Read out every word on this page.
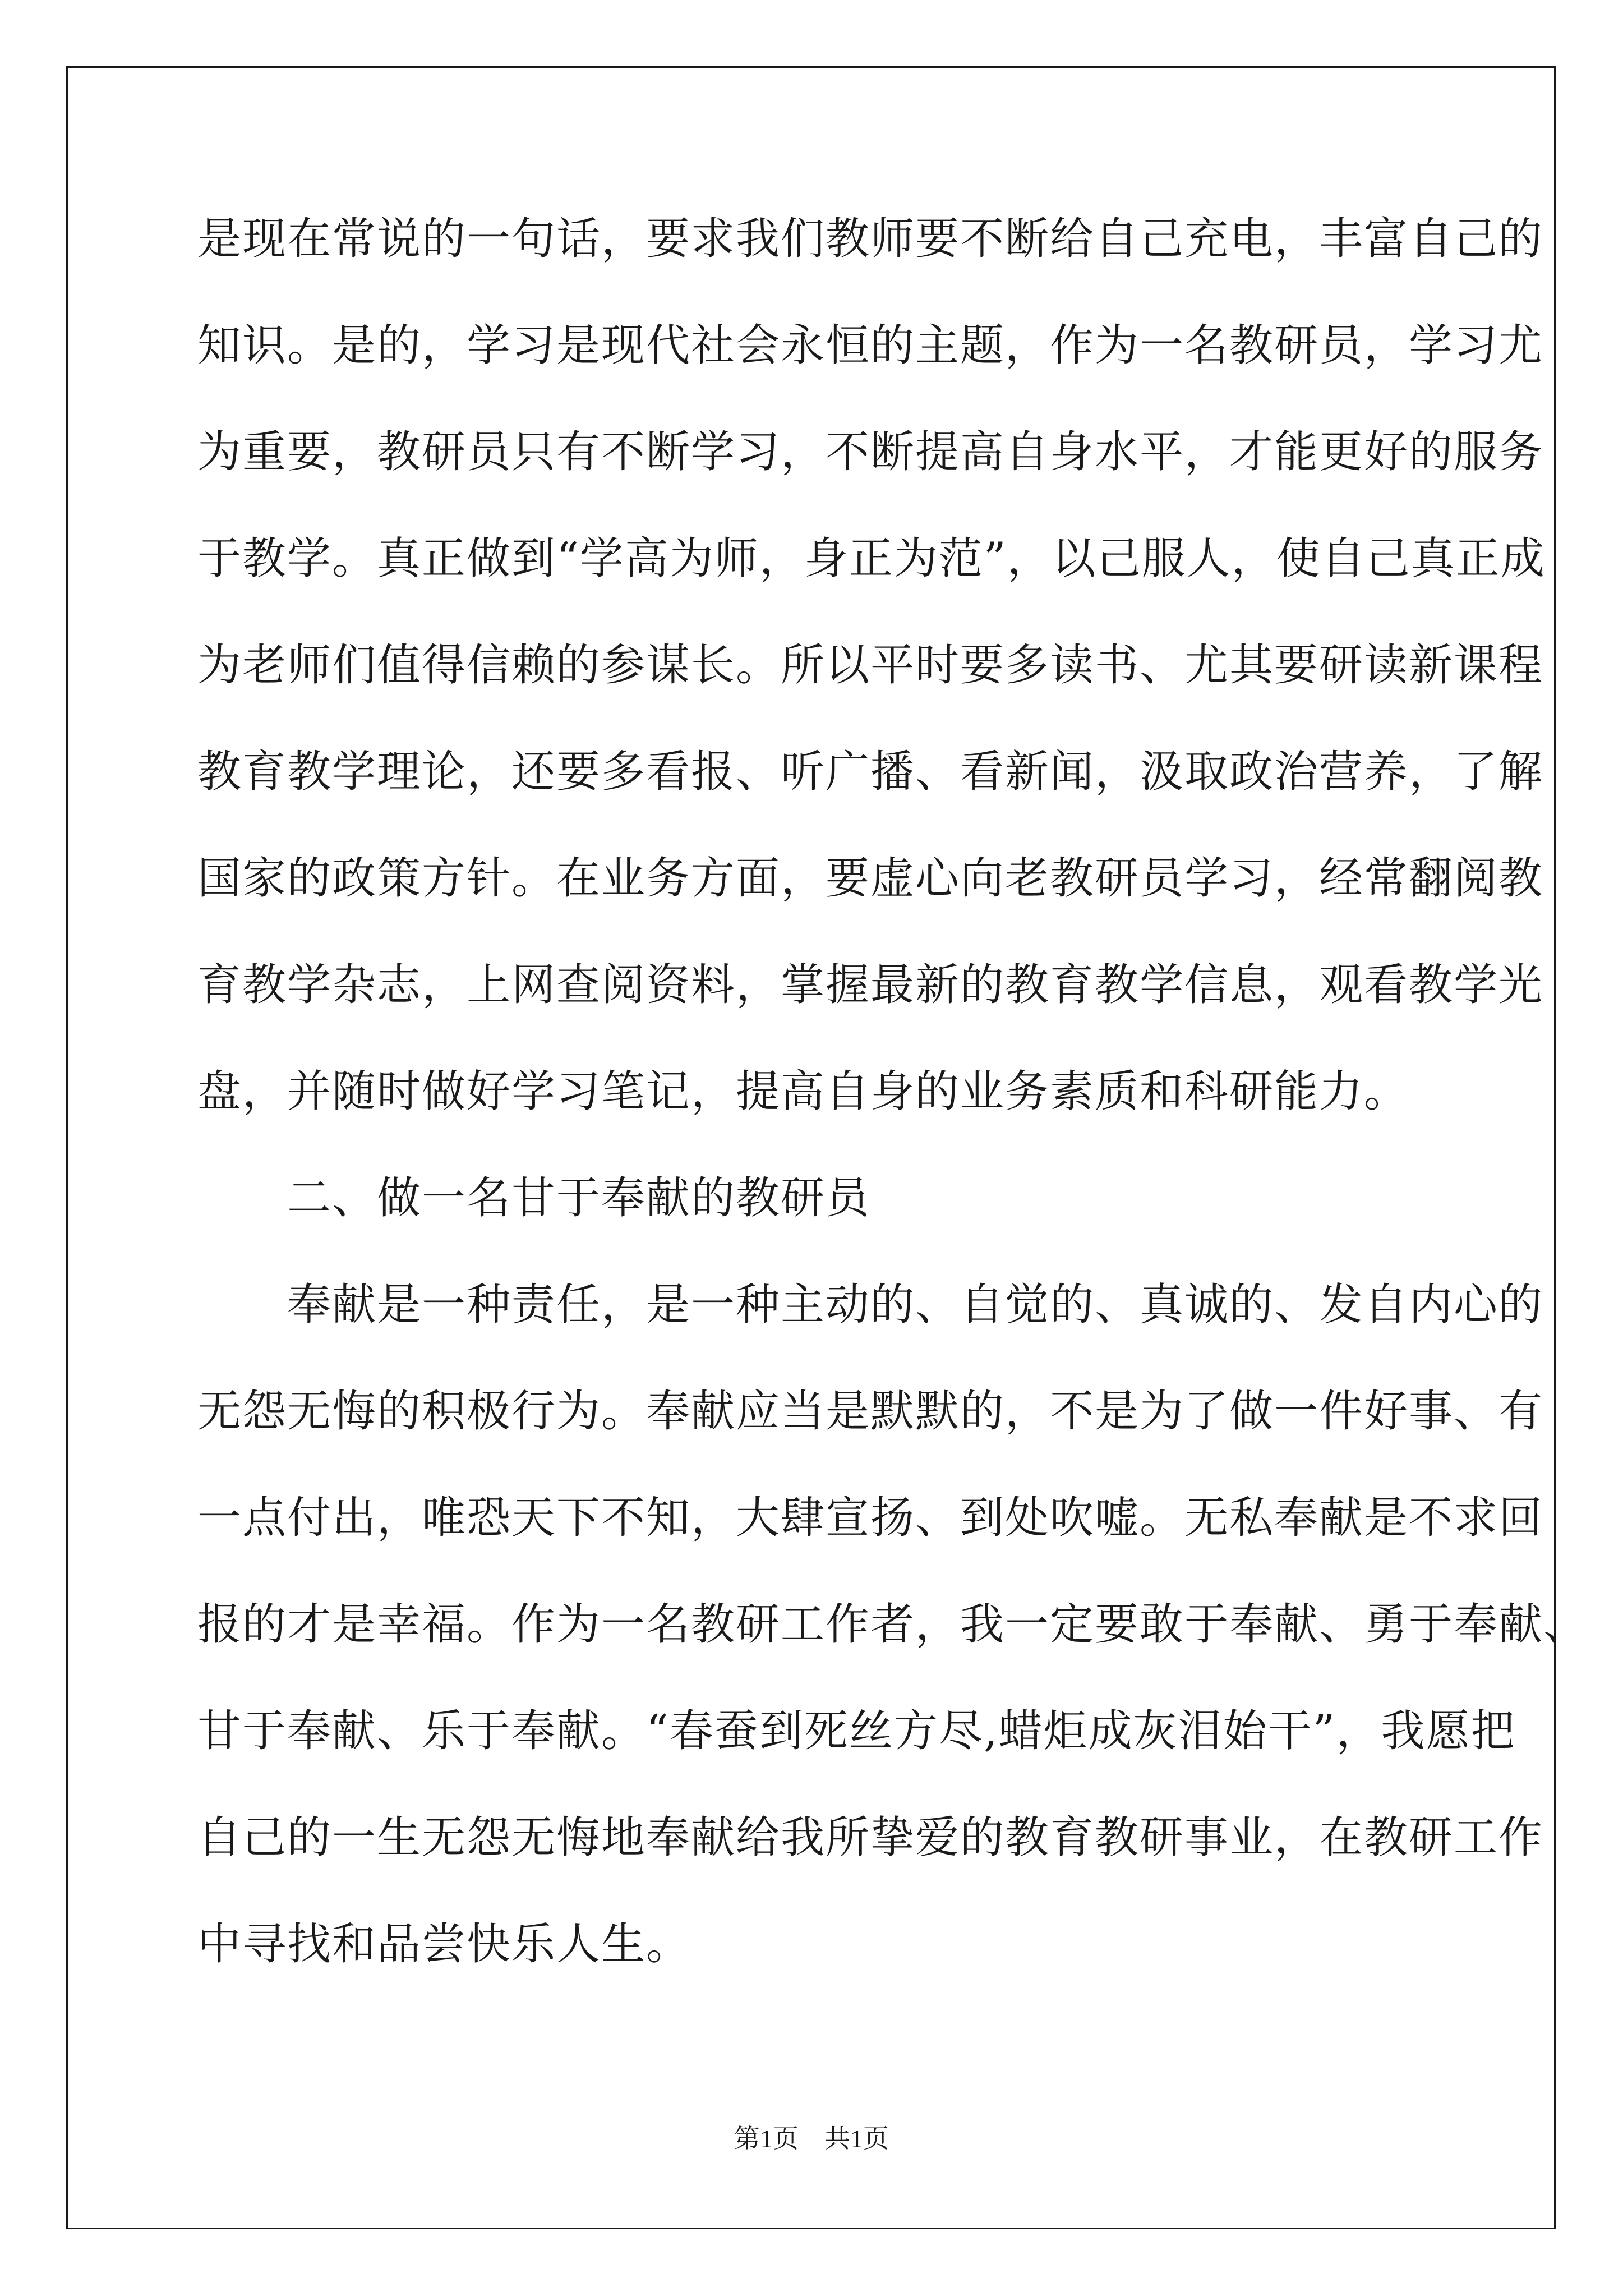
是现在常说的一句话，要求我们教师要不断给自己充电，丰富自己的
知识。是的，学习是现代社会永恒的主题，作为一名教研员，学习尤
为重要，教研员只有不断学习，不断提高自身水平，才能更好的服务
于教学。真正做到“学高为师，身正为范”，以己服人，使自己真正成
为老师们值得信赖的参谋长。所以平时要多读书、尤其要研读新课程
教育教学理论，还要多看报、听广播、看新闻，汲取政治营养，了解
国家的政策方针。在业务方面，要虚心向老教研员学习，经常翻阅教
育教学杂志，上网查阅资料，掌握最新的教育教学信息，观看教学光
盘，并随时做好学习笔记，提高自身的业务素质和科研能力。
　　二、做一名甘于奉献的教研员
　　奉献是一种责任，是一种主动的、自觉的、真诚的、发自内心的
无怨无悔的积极行为。奉献应当是默默的，不是为了做一件好事、有
一点付出，唯恐天下不知，大肆宣扬、到处吹嘘。无私奉献是不求回
报的才是幸福。作为一名教研工作者，我一定要敢于奉献、勇于奉献、
甘于奉献、乐于奉献。“春蚕到死丝方尽,蜡炬成灰泪始干”，我愿把
自己的一生无怨无悔地奉献给我所挚爱的教育教研事业，在教研工作
中寻找和品尝快乐人生。
第1页　共1页
